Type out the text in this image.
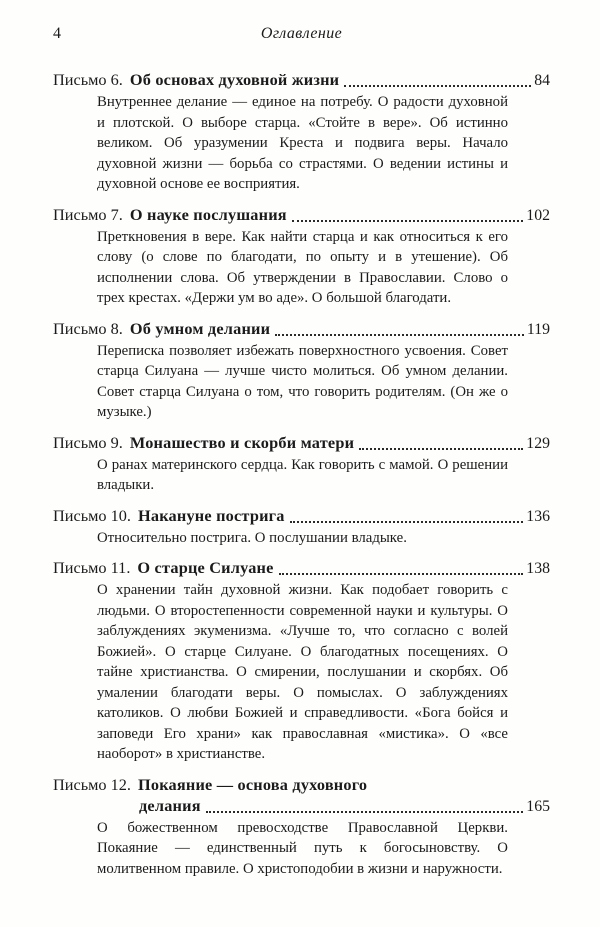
4	Оглавление
Письмо 6. Об основах духовной жизни	84
Внутреннее делание — единое на потребу. О радости духовной и плотской. О выборе старца. «Стойте в вере». Об истинно великом. Об уразумении Креста и подвига веры. Начало духовной жизни — борьба со страстями. О ведении истины и духовной основе ее восприятия.
Письмо 7. О науке послушания	102
Преткновения в вере. Как найти старца и как относиться к его слову (о слове по благодати, по опыту и в утешение). Об исполнении слова. Об утверждении в Православии. Слово о трех крестах. «Держи ум во аде». О большой благодати.
Письмо 8. Об умном делании	119
Переписка позволяет избежать поверхностного усвоения. Совет старца Силуана — лучше чисто молиться. Об умном делании. Совет старца Силуана о том, что говорить родителям. (Он же о музыке.)
Письмо 9. Монашество и скорби матери	129
О ранах материнского сердца. Как говорить с мамой. О решении владыки.
Письмо 10. Накануне пострига	136
Относительно пострига. О послушании владыке.
Письмо 11. О старце Силуане	138
О хранении тайн духовной жизни. Как подобает говорить с людьми. О второстепенности современной науки и культуры. О заблуждениях экуменизма. «Лучше то, что согласно с волей Божией». О старце Силуане. О благодатных посещениях. О тайне христианства. О смирении, послушании и скорбях. Об умалении благодати веры. О помыслах. О заблуждениях католиков. О любви Божией и справедливости. «Бога бойся и заповеди Его храни» как православная «мистика». О «все наоборот» в христианстве.
Письмо 12. Покаяние — основа духовного
делания	165
О божественном превосходстве Православной Церкви. Покаяние — единственный путь к богосыновству. О молитвенном правиле. О христоподобии в жизни и наружности.
